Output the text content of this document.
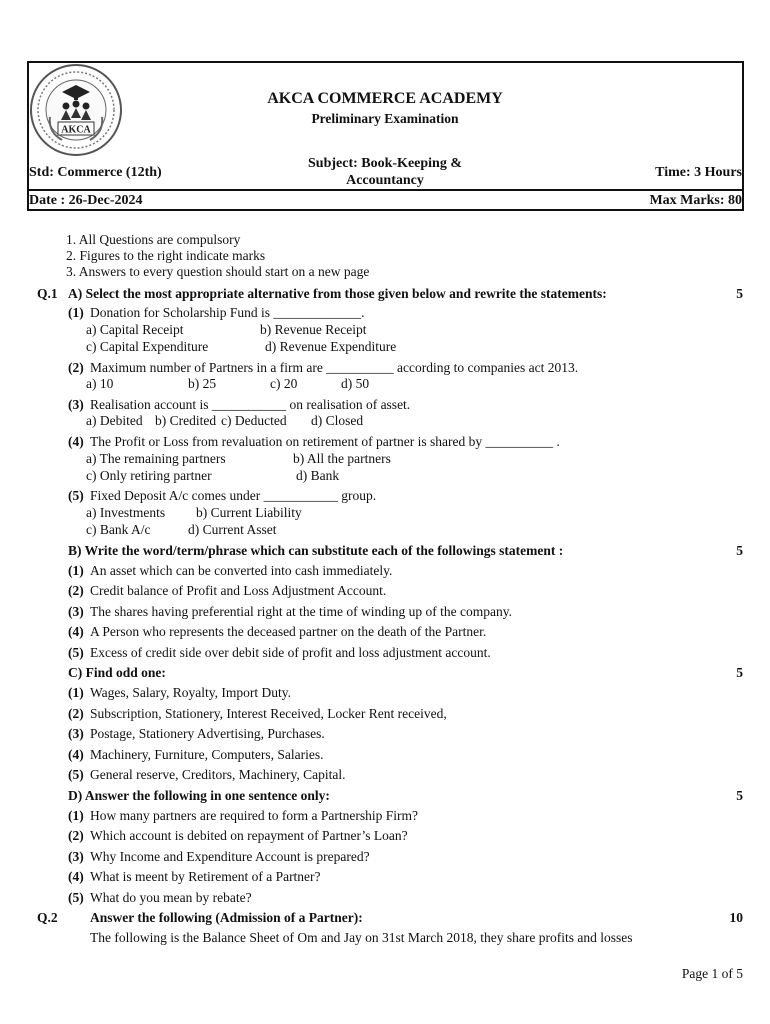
AKCA
AKCA COMMERCE ACADEMY
Preliminary Examination
Std: Commerce (12th)
Subject: Book-Keeping &
Accountancy
Time: 3 Hours
Date : 26-Dec-2024	Max Marks: 80
1. All Questions are compulsory
2. Figures to the right indicate marks
3. Answers to every question should start on a new page
Q.1 A) Select the most appropriate alternative from those given below and rewrite the statements:	5
(1) Donation for Scholarship Fund is _____________.
a) Capital Receipt	b) Revenue Receipt
c) Capital Expenditure	d) Revenue Expenditure
(2) Maximum number of Partners in a firm are __________ according to companies act 2013.
a) 10	b) 25	c) 20	d) 50
(3) Realisation account is ___________ on realisation of asset.
a) Debited b) Credited c) Deducted d) Closed
(4) The Profit or Loss from revaluation on retirement of partner is shared by __________ .
a) The remaining partners	b) All the partners
c) Only retiring partner	d) Bank
(5) Fixed Deposit A/c comes under ___________ group.
a) Investments b) Current Liability
c) Bank A/c	d) Current Asset
B) Write the word/term/phrase which can substitute each of the followings statement :	5
(1) An asset which can be converted into cash immediately.
(2) Credit balance of Profit and Loss Adjustment Account.
(3) The shares having preferential right at the time of winding up of the company.
(4) A Person who represents the deceased partner on the death of the Partner.
(5) Excess of credit side over debit side of profit and loss adjustment account.
C) Find odd one:	5
(1) Wages, Salary, Royalty, Import Duty.
(2) Subscription, Stationery, Interest Received, Locker Rent received,
(3) Postage, Stationery Advertising, Purchases.
(4) Machinery, Furniture, Computers, Salaries.
(5) General reserve, Creditors, Machinery, Capital.
D) Answer the following in one sentence only:	5
(1) How many partners are required to form a Partnership Firm?
(2) Which account is debited on repayment of Partner’s Loan?
(3) Why Income and Expenditure Account is prepared?
(4) What is meent by Retirement of a Partner?
(5) What do you mean by rebate?
Q.2 Answer the following (Admission of a Partner):	10
The following is the Balance Sheet of Om and Jay on 31st March 2018, they share profits and losses
Page 1 of 5
